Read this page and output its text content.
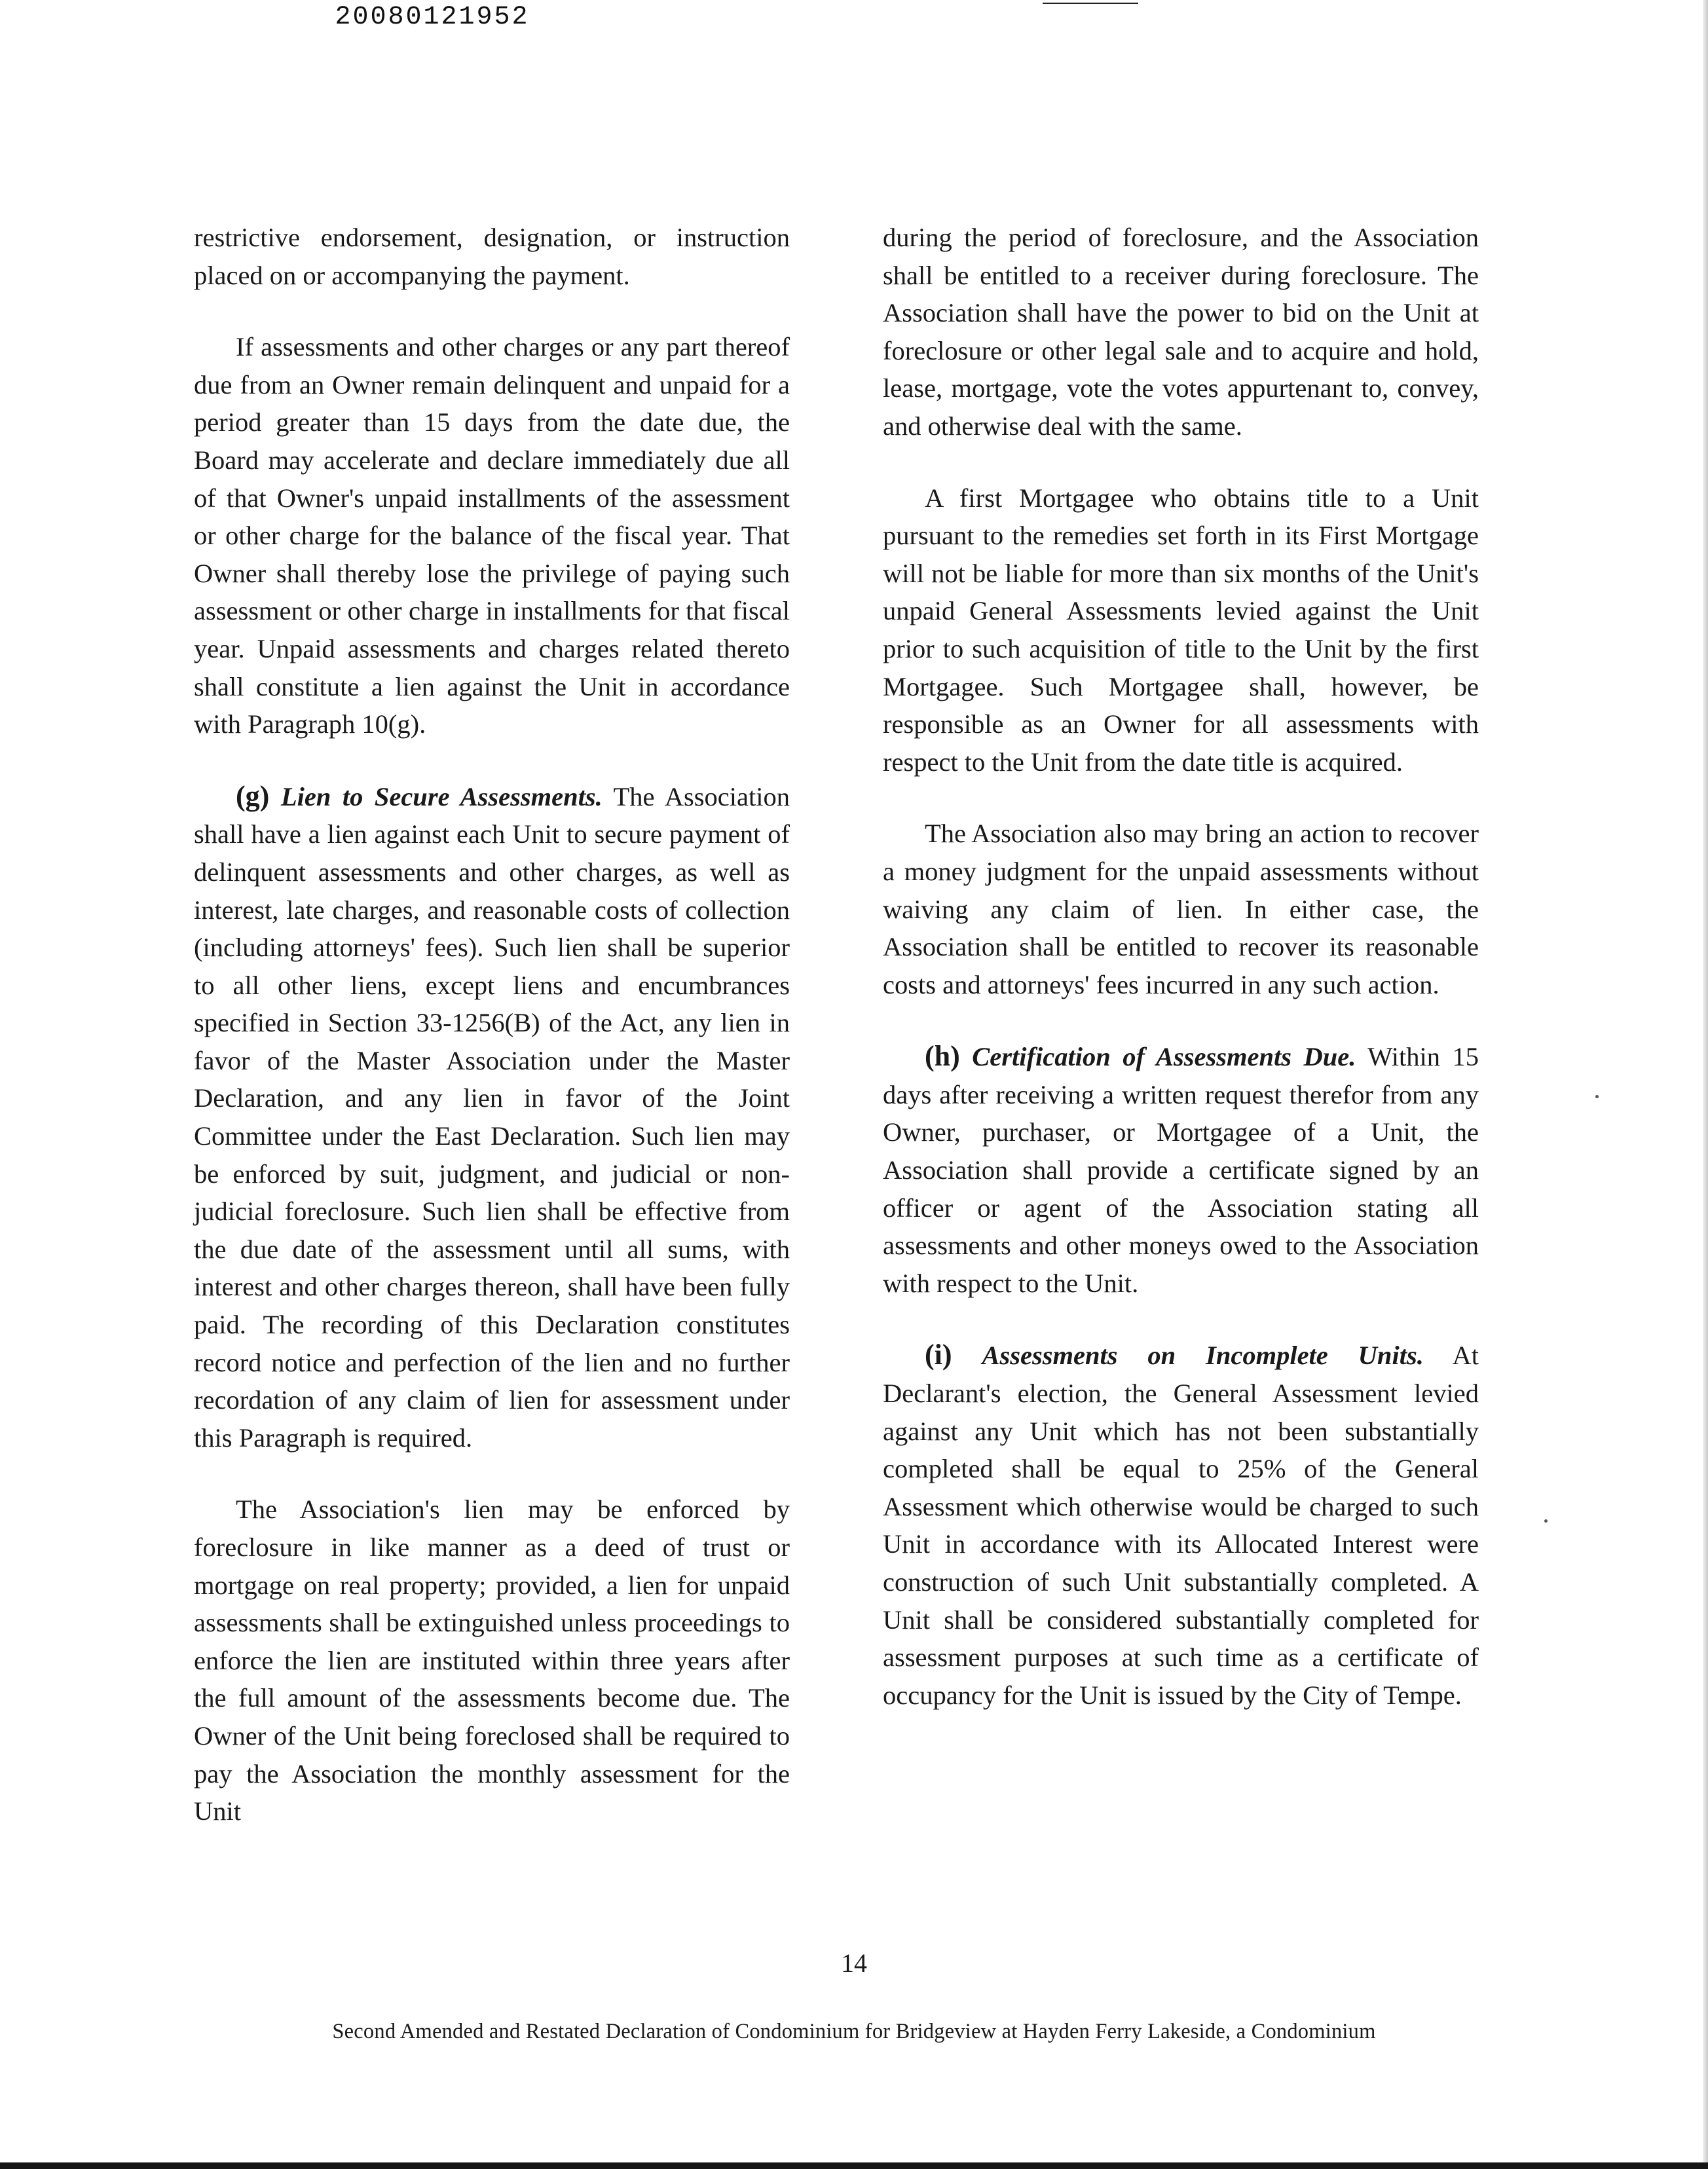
20080121952

restrictive endorsement, designation, or instruction placed on or accompanying the payment.

If assessments and other charges or any part thereof due from an Owner remain delinquent and unpaid for a period greater than 15 days from the date due, the Board may accelerate and declare immediately due all of that Owner's unpaid installments of the assessment or other charge for the balance of the fiscal year. That Owner shall thereby lose the privilege of paying such assessment or other charge in installments for that fiscal year. Unpaid assessments and charges related thereto shall constitute a lien against the Unit in accordance with Paragraph 10(g).

(g) Lien to Secure Assessments. The Association shall have a lien against each Unit to secure payment of delinquent assessments and other charges, as well as interest, late charges, and reasonable costs of collection (including attorneys' fees). Such lien shall be superior to all other liens, except liens and encumbrances specified in Section 33-1256(B) of the Act, any lien in favor of the Master Association under the Master Declaration, and any lien in favor of the Joint Committee under the East Declaration. Such lien may be enforced by suit, judgment, and judicial or non-judicial foreclosure. Such lien shall be effective from the due date of the assessment until all sums, with interest and other charges thereon, shall have been fully paid. The recording of this Declaration constitutes record notice and perfection of the lien and no further recordation of any claim of lien for assessment under this Paragraph is required.

The Association's lien may be enforced by foreclosure in like manner as a deed of trust or mortgage on real property; provided, a lien for unpaid assessments shall be extinguished unless proceedings to enforce the lien are instituted within three years after the full amount of the assessments become due. The Owner of the Unit being foreclosed shall be required to pay the Association the monthly assessment for the Unit

during the period of foreclosure, and the Association shall be entitled to a receiver during foreclosure. The Association shall have the power to bid on the Unit at foreclosure or other legal sale and to acquire and hold, lease, mortgage, vote the votes appurtenant to, convey, and otherwise deal with the same.

A first Mortgagee who obtains title to a Unit pursuant to the remedies set forth in its First Mortgage will not be liable for more than six months of the Unit's unpaid General Assessments levied against the Unit prior to such acquisition of title to the Unit by the first Mortgagee. Such Mortgagee shall, however, be responsible as an Owner for all assessments with respect to the Unit from the date title is acquired.

The Association also may bring an action to recover a money judgment for the unpaid assessments without waiving any claim of lien. In either case, the Association shall be entitled to recover its reasonable costs and attorneys' fees incurred in any such action.

(h) Certification of Assessments Due. Within 15 days after receiving a written request therefor from any Owner, purchaser, or Mortgagee of a Unit, the Association shall provide a certificate signed by an officer or agent of the Association stating all assessments and other moneys owed to the Association with respect to the Unit.

(i) Assessments on Incomplete Units. At Declarant's election, the General Assessment levied against any Unit which has not been substantially completed shall be equal to 25% of the General Assessment which otherwise would be charged to such Unit in accordance with its Allocated Interest were construction of such Unit substantially completed. A Unit shall be considered substantially completed for assessment purposes at such time as a certificate of occupancy for the Unit is issued by the City of Tempe.

14
Second Amended and Restated Declaration of Condominium for Bridgeview at Hayden Ferry Lakeside, a Condominium
